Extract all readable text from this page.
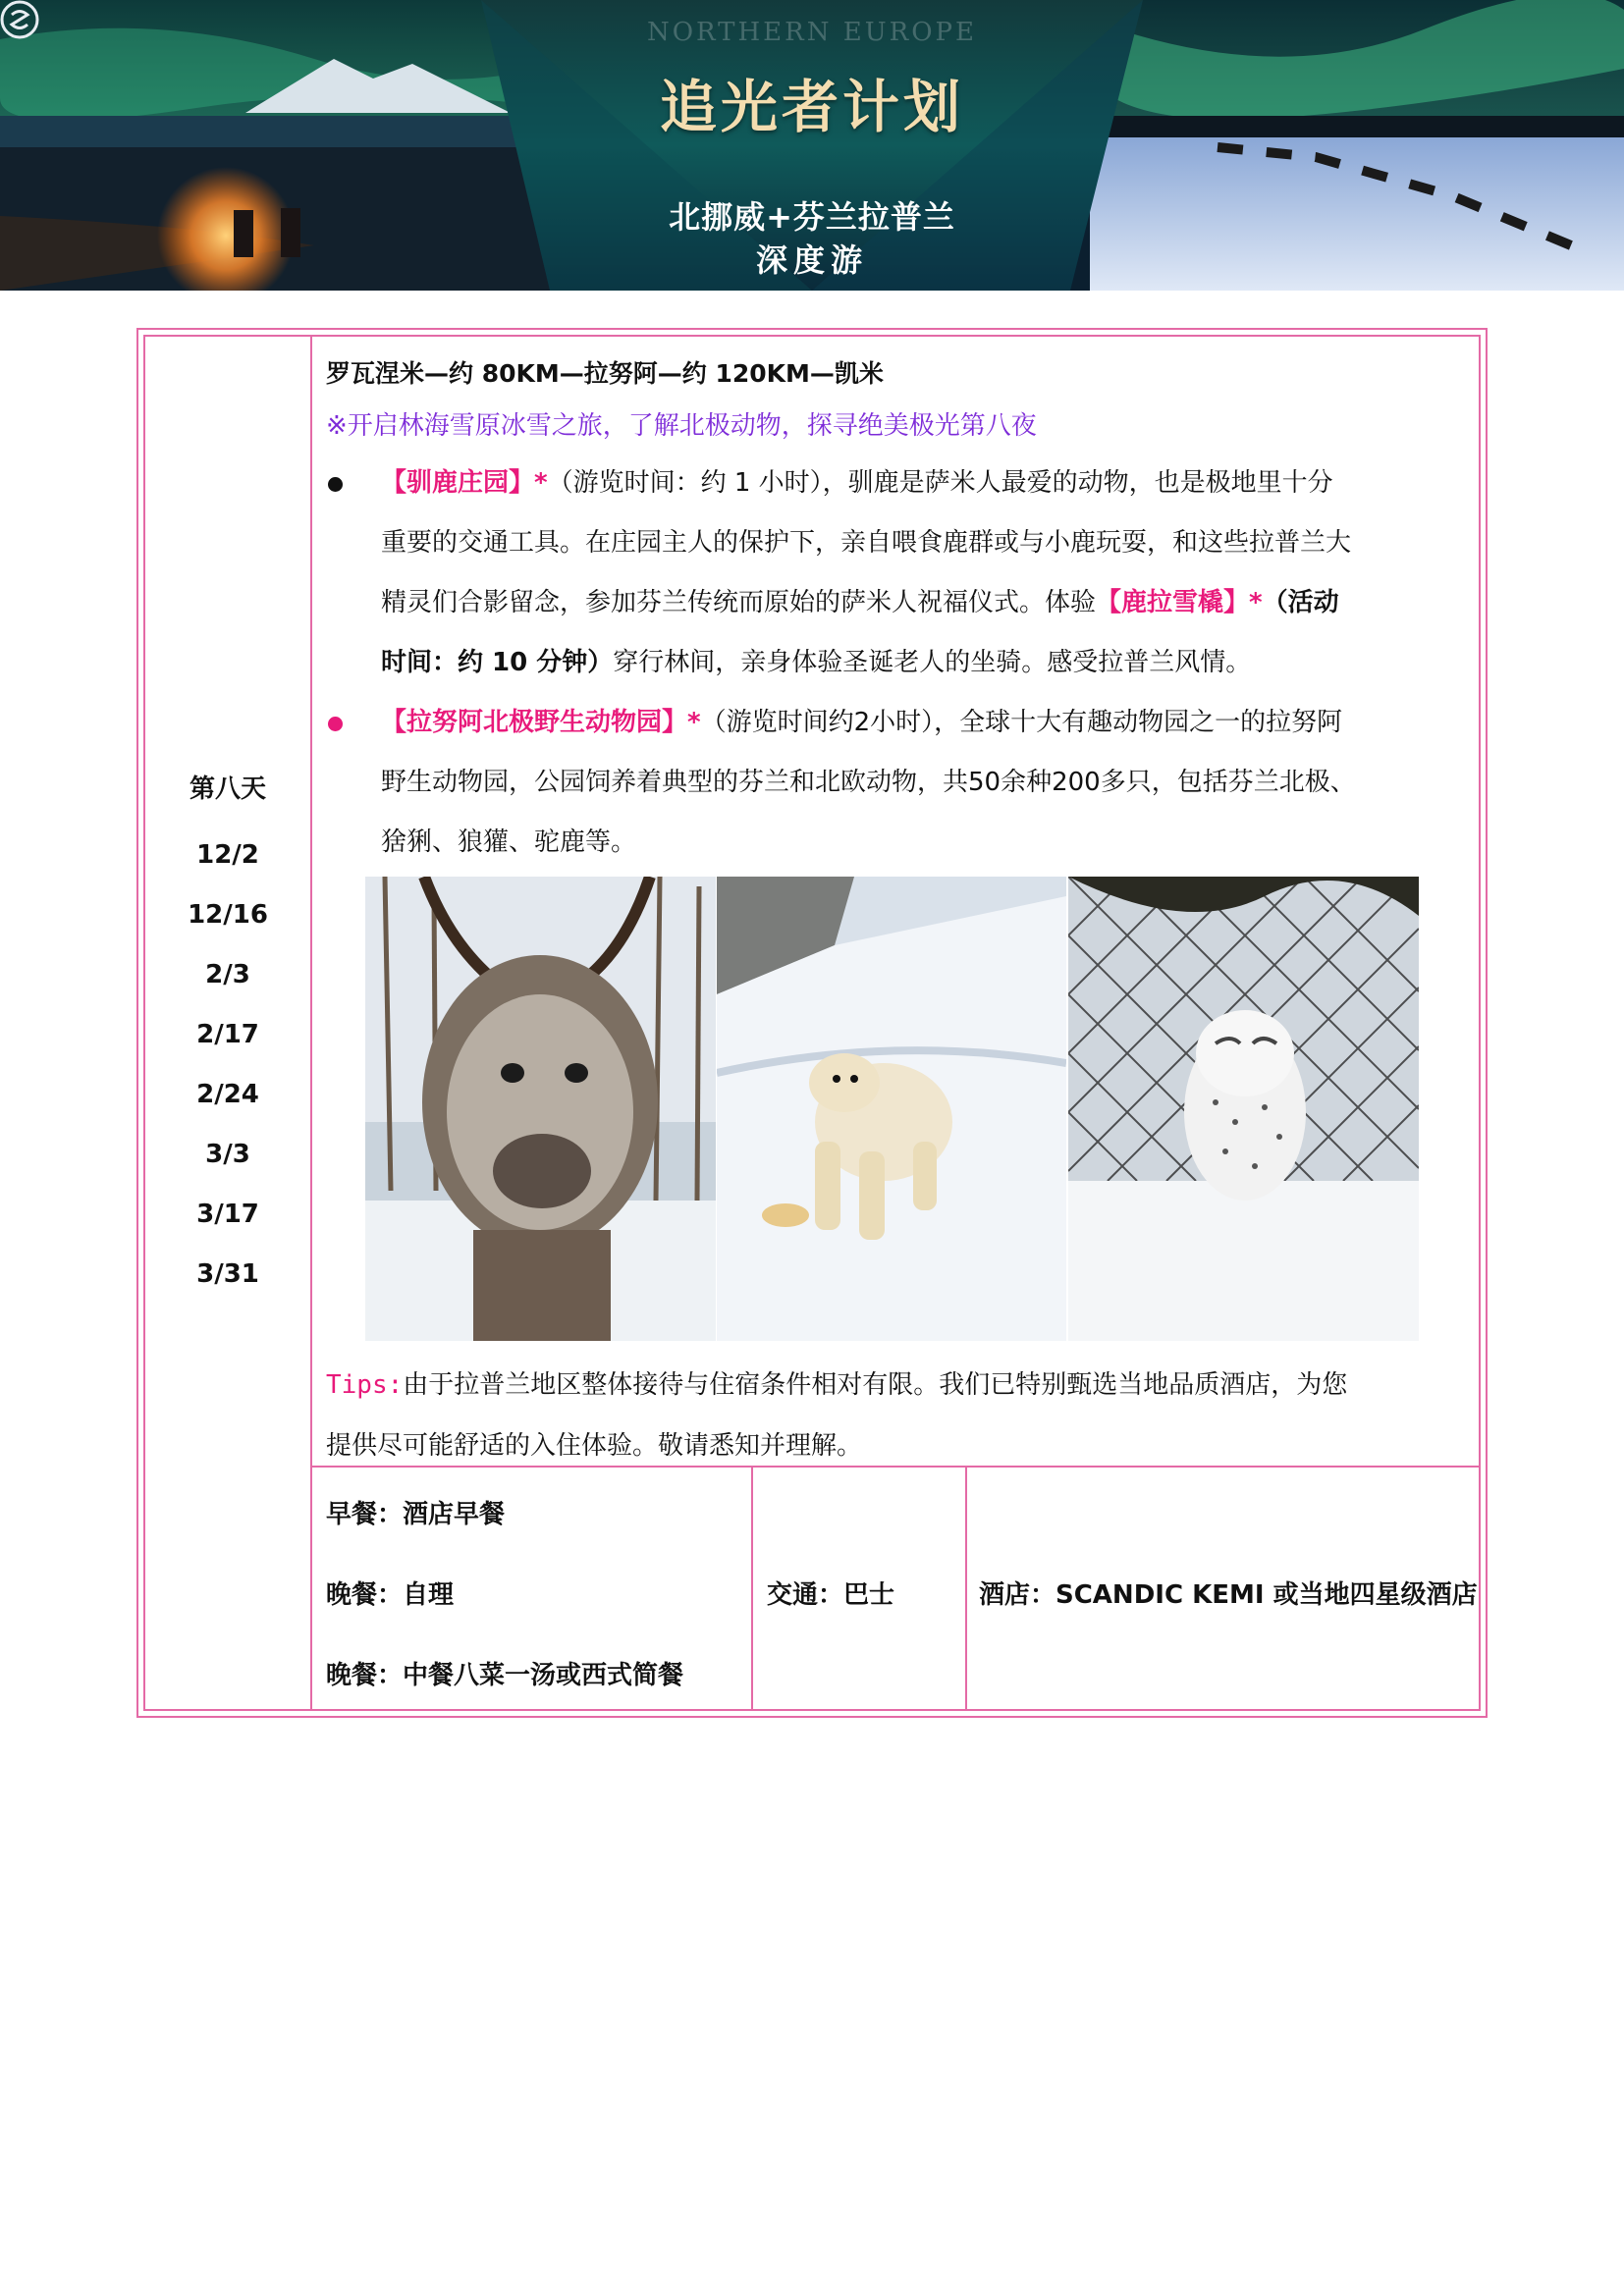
NORTHERN EUROPE
追光者计划
北挪威+芬兰拉普兰
深度游
第八天
12/2
12/16
2/3
2/17
2/24
3/3
3/17
3/31
罗瓦涅米—约 80KM—拉努阿—约 120KM—凯米
※开启林海雪原冰雪之旅，了解北极动物，探寻绝美极光第八夜
【驯鹿庄园】*（游览时间：约 1 小时），驯鹿是萨米人最爱的动物，也是极地里十分
重要的交通工具。在庄园主人的保护下，亲自喂食鹿群或与小鹿玩耍，和这些拉普兰大
精灵们合影留念，参加芬兰传统而原始的萨米人祝福仪式。体验【鹿拉雪橇】*（活动
时间：约 10 分钟）穿行林间，亲身体验圣诞老人的坐骑。感受拉普兰风情。
【拉努阿北极野生动物园】*（游览时间约2小时），全球十大有趣动物园之一的拉努阿
野生动物园，公园饲养着典型的芬兰和北欧动物，共50余种200多只，包括芬兰北极、
猞猁、狼獾、驼鹿等。
Tips:由于拉普兰地区整体接待与住宿条件相对有限。我们已特别甄选当地品质酒店，为您
提供尽可能舒适的入住体验。敬请悉知并理解。
早餐：酒店早餐
晚餐：自理
晚餐：中餐八菜一汤或西式简餐
交通：巴士	酒店：SCANDIC KEMI 或当地四星级酒店
